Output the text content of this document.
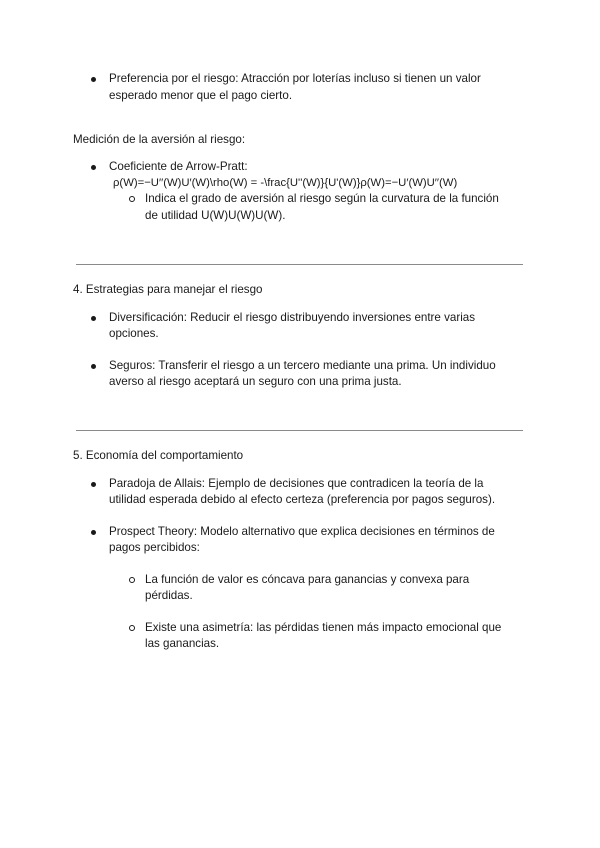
Preferencia por el riesgo: Atracción por loterías incluso si tienen un valor
esperado menor que el pago cierto.
Medición de la aversión al riesgo:
Coeficiente de Arrow-Pratt:
ρ(W)=−U′′(W)U′(W)\rho(W) = -\frac{U''(W)}{U'(W)}ρ(W)=−U′(W)U′′(W)
Indica el grado de aversión al riesgo según la curvatura de la función
de utilidad U(W)U(W)U(W).
4. Estrategias para manejar el riesgo
Diversificación: Reducir el riesgo distribuyendo inversiones entre varias
opciones.
Seguros: Transferir el riesgo a un tercero mediante una prima. Un individuo
averso al riesgo aceptará un seguro con una prima justa.
5. Economía del comportamiento
Paradoja de Allais: Ejemplo de decisiones que contradicen la teoría de la
utilidad esperada debido al efecto certeza (preferencia por pagos seguros).
Prospect Theory: Modelo alternativo que explica decisiones en términos de
pagos percibidos:
La función de valor es cóncava para ganancias y convexa para
pérdidas.
Existe una asimetría: las pérdidas tienen más impacto emocional que
las ganancias.
